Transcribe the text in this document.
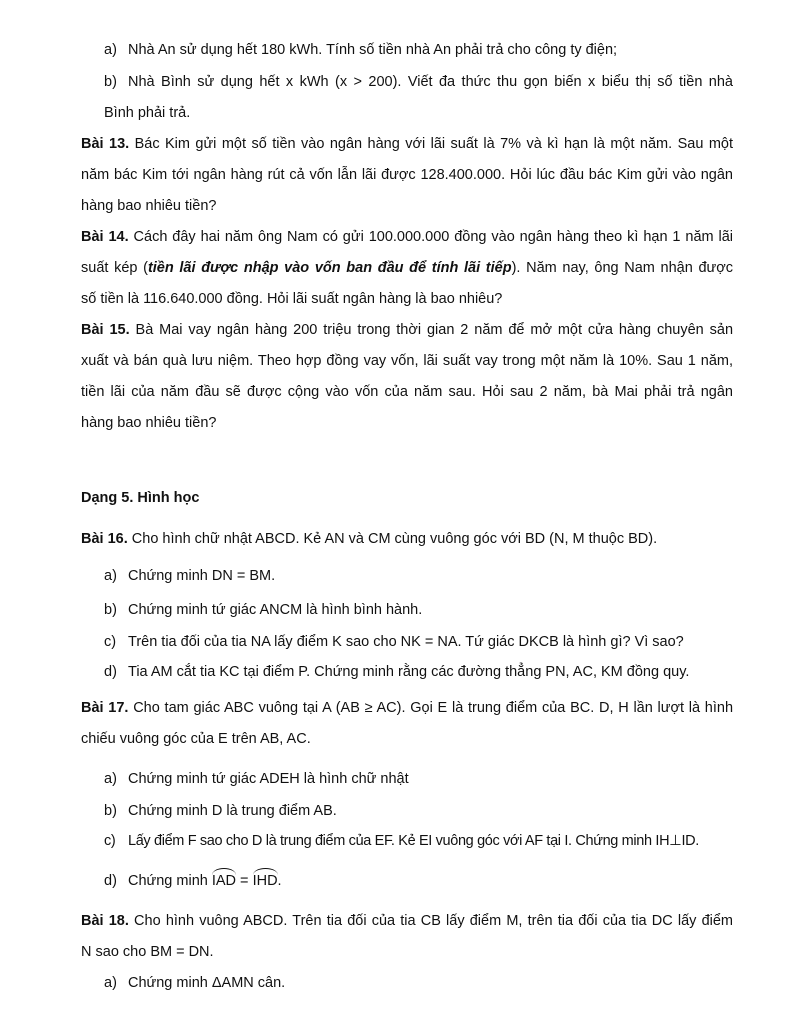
a) Nhà An sử dụng hết 180 kWh. Tính số tiền nhà An phải trả cho công ty điện;
b) Nhà Bình sử dụng hết x kWh (x > 200). Viết đa thức thu gọn biến x biểu thị số tiền nhà
Bình phải trả.
Bài 13. Bác Kim gửi một số tiền vào ngân hàng với lãi suất là 7% và kì hạn là một năm. Sau một
năm bác Kim tới ngân hàng rút cả vốn lẫn lãi được 128.400.000. Hỏi lúc đầu bác Kim gửi vào ngân
hàng bao nhiêu tiền?
Bài 14. Cách đây hai năm ông Nam có gửi 100.000.000 đồng vào ngân hàng theo kì hạn 1 năm lãi
suất kép (tiền lãi được nhập vào vốn ban đầu để tính lãi tiếp). Năm nay, ông Nam nhận được
số tiền là 116.640.000 đồng. Hỏi lãi suất ngân hàng là bao nhiêu?
Bài 15. Bà Mai vay ngân hàng 200 triệu trong thời gian 2 năm để mở một cửa hàng chuyên sản
xuất và bán quà lưu niệm. Theo hợp đồng vay vốn, lãi suất vay trong một năm là 10%. Sau 1 năm,
tiền lãi của năm đầu sẽ được cộng vào vốn của năm sau. Hỏi sau 2 năm, bà Mai phải trả ngân
hàng bao nhiêu tiền?
Dạng 5. Hình học
Bài 16. Cho hình chữ nhật ABCD. Kẻ AN và CM cùng vuông góc với BD (N, M thuộc BD).
a) Chứng minh DN = BM.
b) Chứng minh tứ giác ANCM là hình bình hành.
c) Trên tia đối của tia NA lấy điểm K sao cho NK = NA. Tứ giác DKCB là hình gì? Vì sao?
d) Tia AM cắt tia KC tại điểm P. Chứng minh rằng các đường thẳng PN, AC, KM đồng quy.
Bài 17. Cho tam giác ABC vuông tại A (AB ≥ AC). Gọi E là trung điểm của BC. D, H lần lượt là hình
chiếu vuông góc của E trên AB, AC.
a) Chứng minh tứ giác ADEH là hình chữ nhật
b) Chứng minh D là trung điểm AB.
c) Lấy điểm F sao cho D là trung điểm của EF. Kẻ EI vuông góc với AF tại I. Chứng minh IH⊥ID.
d) Chứng minh IAD = IHD.
Bài 18. Cho hình vuông ABCD. Trên tia đối của tia CB lấy điểm M, trên tia đối của tia DC lấy điểm
N sao cho BM = DN.
a) Chứng minh ΔAMN cân.
